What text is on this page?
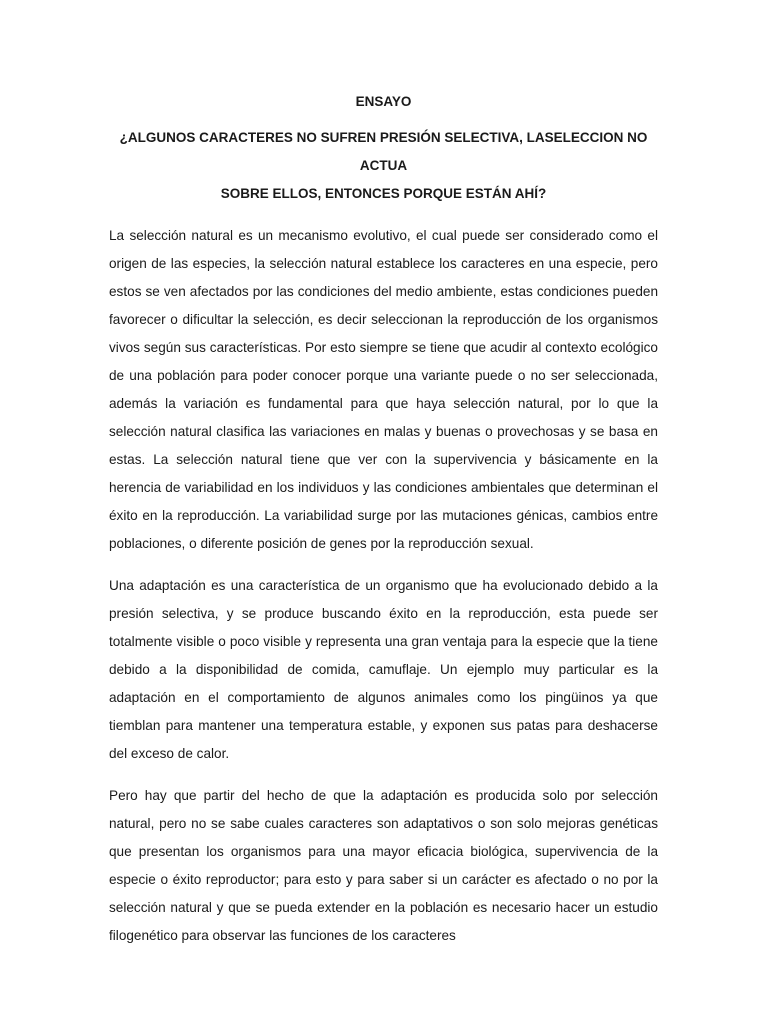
ENSAYO

¿ALGUNOS CARACTERES NO SUFREN PRESIÓN SELECTIVA, LASELECCION NO ACTUA
SOBRE ELLOS, ENTONCES PORQUE ESTÁN AHÍ?

La selección natural es un mecanismo evolutivo, el cual puede ser considerado como el origen de las especies, la selección natural establece los caracteres en una especie, pero estos se ven afectados por las condiciones del medio ambiente, estas condiciones pueden favorecer o dificultar la selección, es decir seleccionan la reproducción de los organismos vivos según sus características. Por esto siempre se tiene que acudir al contexto ecológico de una población para poder conocer porque una variante puede o no ser seleccionada, además la variación es fundamental para que haya selección natural, por lo que la selección natural clasifica las variaciones en malas y buenas o provechosas y se basa en estas. La selección natural tiene que ver con la supervivencia y básicamente en la herencia de variabilidad en los individuos y las condiciones ambientales que determinan el éxito en la reproducción. La variabilidad surge por las mutaciones génicas, cambios entre poblaciones, o diferente posición de genes por la reproducción sexual.

Una adaptación es una característica de un organismo que ha evolucionado debido a la presión selectiva, y se produce buscando éxito en la reproducción, esta puede ser totalmente visible o poco visible y representa una gran ventaja para la especie que la tiene debido a la disponibilidad de comida, camuflaje. Un ejemplo muy particular es la adaptación en el comportamiento de algunos animales como los pingüinos ya que tiemblan para mantener una temperatura estable, y exponen sus patas para deshacerse del exceso de calor.

Pero hay que partir del hecho de que la adaptación es producida solo por selección natural, pero no se sabe cuales caracteres son adaptativos o son solo mejoras genéticas que presentan los organismos para una mayor eficacia biológica, supervivencia de la especie o éxito reproductor; para esto y para saber si un carácter es afectado o no por la selección natural y que se pueda extender en la población es necesario hacer un estudio filogenético para observar las funciones de los caracteres
